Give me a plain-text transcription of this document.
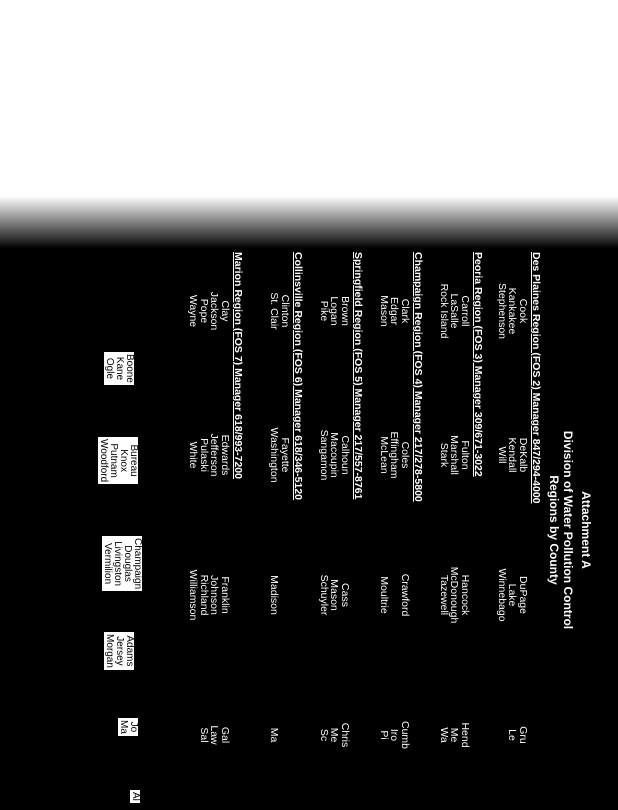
Attachment A
Division of Water Pollution Control
Regions by County
Des Plaines Region (FOS 2) Manager 847/294-4000
Cook
Kankakee
Stephenson
DeKalb
Kendall
Will
DuPage
Lake
Winnebago
Gru
Le
Peoria Region (FOS 3) Manager 309/671-3022
Carroll
LaSalle
Rock Island
Fulton
Marshall
Stark
Hancock
McDonough
Tazewell
Hend
Me
Wa
Champaign Region (FOS 4) Manager 217/278-5800
Clark
Edgar
Mason
Coles
Effingham
McLean
Crawford

Moultrie
Cumb
Iro
Pi
Springfield Region (FOS 5) Manager 217/557-8761
Brown
Logan
Pike
Calhoun
Macoupin
Sangamon
Cass
Mason
Schuyler
Chris
Me
Sc
Collinsville Region (FOS 6) Manager 618/346-5120
Clinton
St. Clair
Fayette
Washington

Madison

Ma
Marion Region (FOS 7) Manager 618/993-7200
Clay
Jackson
Pope
Wayne
Edwards
Jefferson
Pulaski
White
Franklin
Johnson
Richland
Williamson
Gal
Law
Sal
Boone
Kane
Ogle
Bureau
Knox
Putnam
Woodford
Champaign
Douglas
Livingston
Vermilion
Adams
Jersey
Morgan
Jo
Ma
Al
